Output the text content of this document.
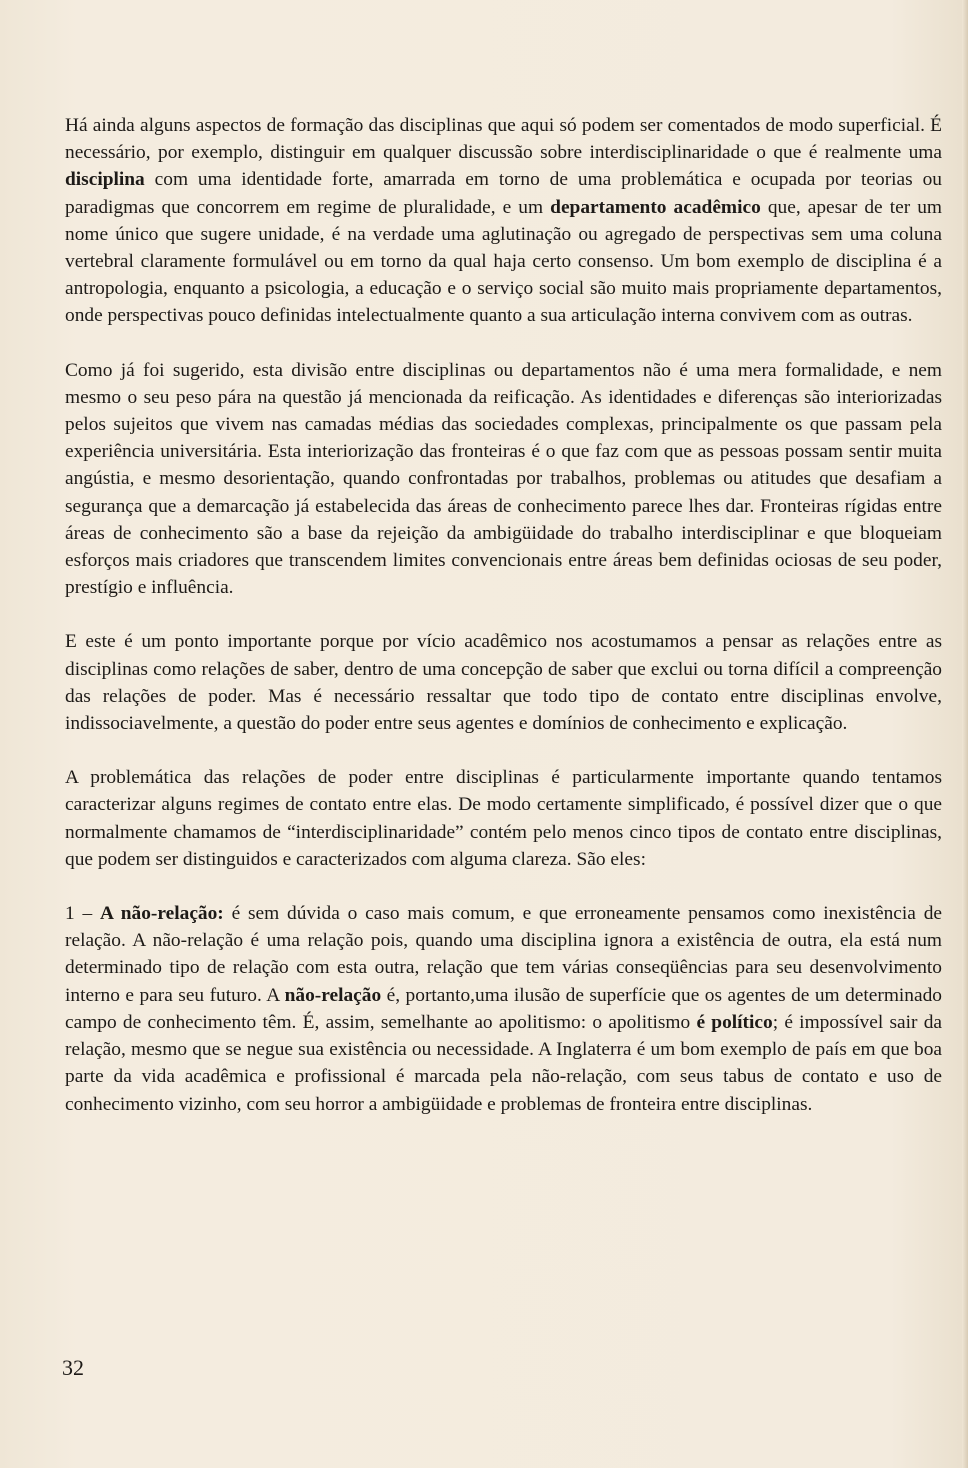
Há ainda alguns aspectos de formação das disciplinas que aqui só podem ser comentados de modo superficial. É necessário, por exemplo, distinguir em qualquer discussão sobre interdisciplinaridade o que é realmente uma disciplina com uma identidade forte, amarrada em torno de uma problemática e ocupada por teorias ou paradigmas que concorrem em regime de pluralidade, e um departamento acadêmico que, apesar de ter um nome único que sugere unidade, é na verdade uma aglutinação ou agregado de perspectivas sem uma coluna vertebral claramente formulável ou em torno da qual haja certo consenso. Um bom exemplo de disciplina é a antropologia, enquanto a psicologia, a educação e o serviço social são muito mais propriamente departamentos, onde perspectivas pouco definidas intelectualmente quanto a sua articulação interna convivem com as outras.

Como já foi sugerido, esta divisão entre disciplinas ou departamentos não é uma mera formalidade, e nem mesmo o seu peso pára na questão já mencionada da reificação. As identidades e diferenças são interiorizadas pelos sujeitos que vivem nas camadas médias das sociedades complexas, principalmente os que passam pela experiência universitária. Esta interiorização das fronteiras é o que faz com que as pessoas possam sentir muita angústia, e mesmo desorientação, quando confrontadas por trabalhos, problemas ou atitudes que desafiam a segurança que a demarcação já estabelecida das áreas de conhecimento parece lhes dar. Fronteiras rígidas entre áreas de conhecimento são a base da rejeição da ambigüidade do trabalho interdisciplinar e que bloqueiam esforços mais criadores que transcendem limites convencionais entre áreas bem definidas ociosas de seu poder, prestígio e influência.

E este é um ponto importante porque por vício acadêmico nos acostumamos a pensar as relações entre as disciplinas como relações de saber, dentro de uma concepção de saber que exclui ou torna difícil a compreenção das relações de poder. Mas é necessário ressaltar que todo tipo de contato entre disciplinas envolve, indissociavelmente, a questão do poder entre seus agentes e domínios de conhecimento e explicação.

A problemática das relações de poder entre disciplinas é particularmente importante quando tentamos caracterizar alguns regimes de contato entre elas. De modo certamente simplificado, é possível dizer que o que normalmente chamamos de “interdisciplinaridade” contém pelo menos cinco tipos de contato entre disciplinas, que podem ser distinguidos e caracterizados com alguma clareza. São eles:

1 – A não-relação: é sem dúvida o caso mais comum, e que erroneamente pensamos como inexistência de relação. A não-relação é uma relação pois, quando uma disciplina ignora a existência de outra, ela está num determinado tipo de relação com esta outra, relação que tem várias conseqüências para seu desenvolvimento interno e para seu futuro. A não-relação é, portanto,uma ilusão de superfície que os agentes de um determinado campo de conhecimento têm. É, assim, semelhante ao apolitismo: o apolitismo é político; é impossível sair da relação, mesmo que se negue sua existência ou necessidade. A Inglaterra é um bom exemplo de país em que boa parte da vida acadêmica e profissional é marcada pela não-relação, com seus tabus de contato e uso de conhecimento vizinho, com seu horror a ambigüidade e problemas de fronteira entre disciplinas.

32
